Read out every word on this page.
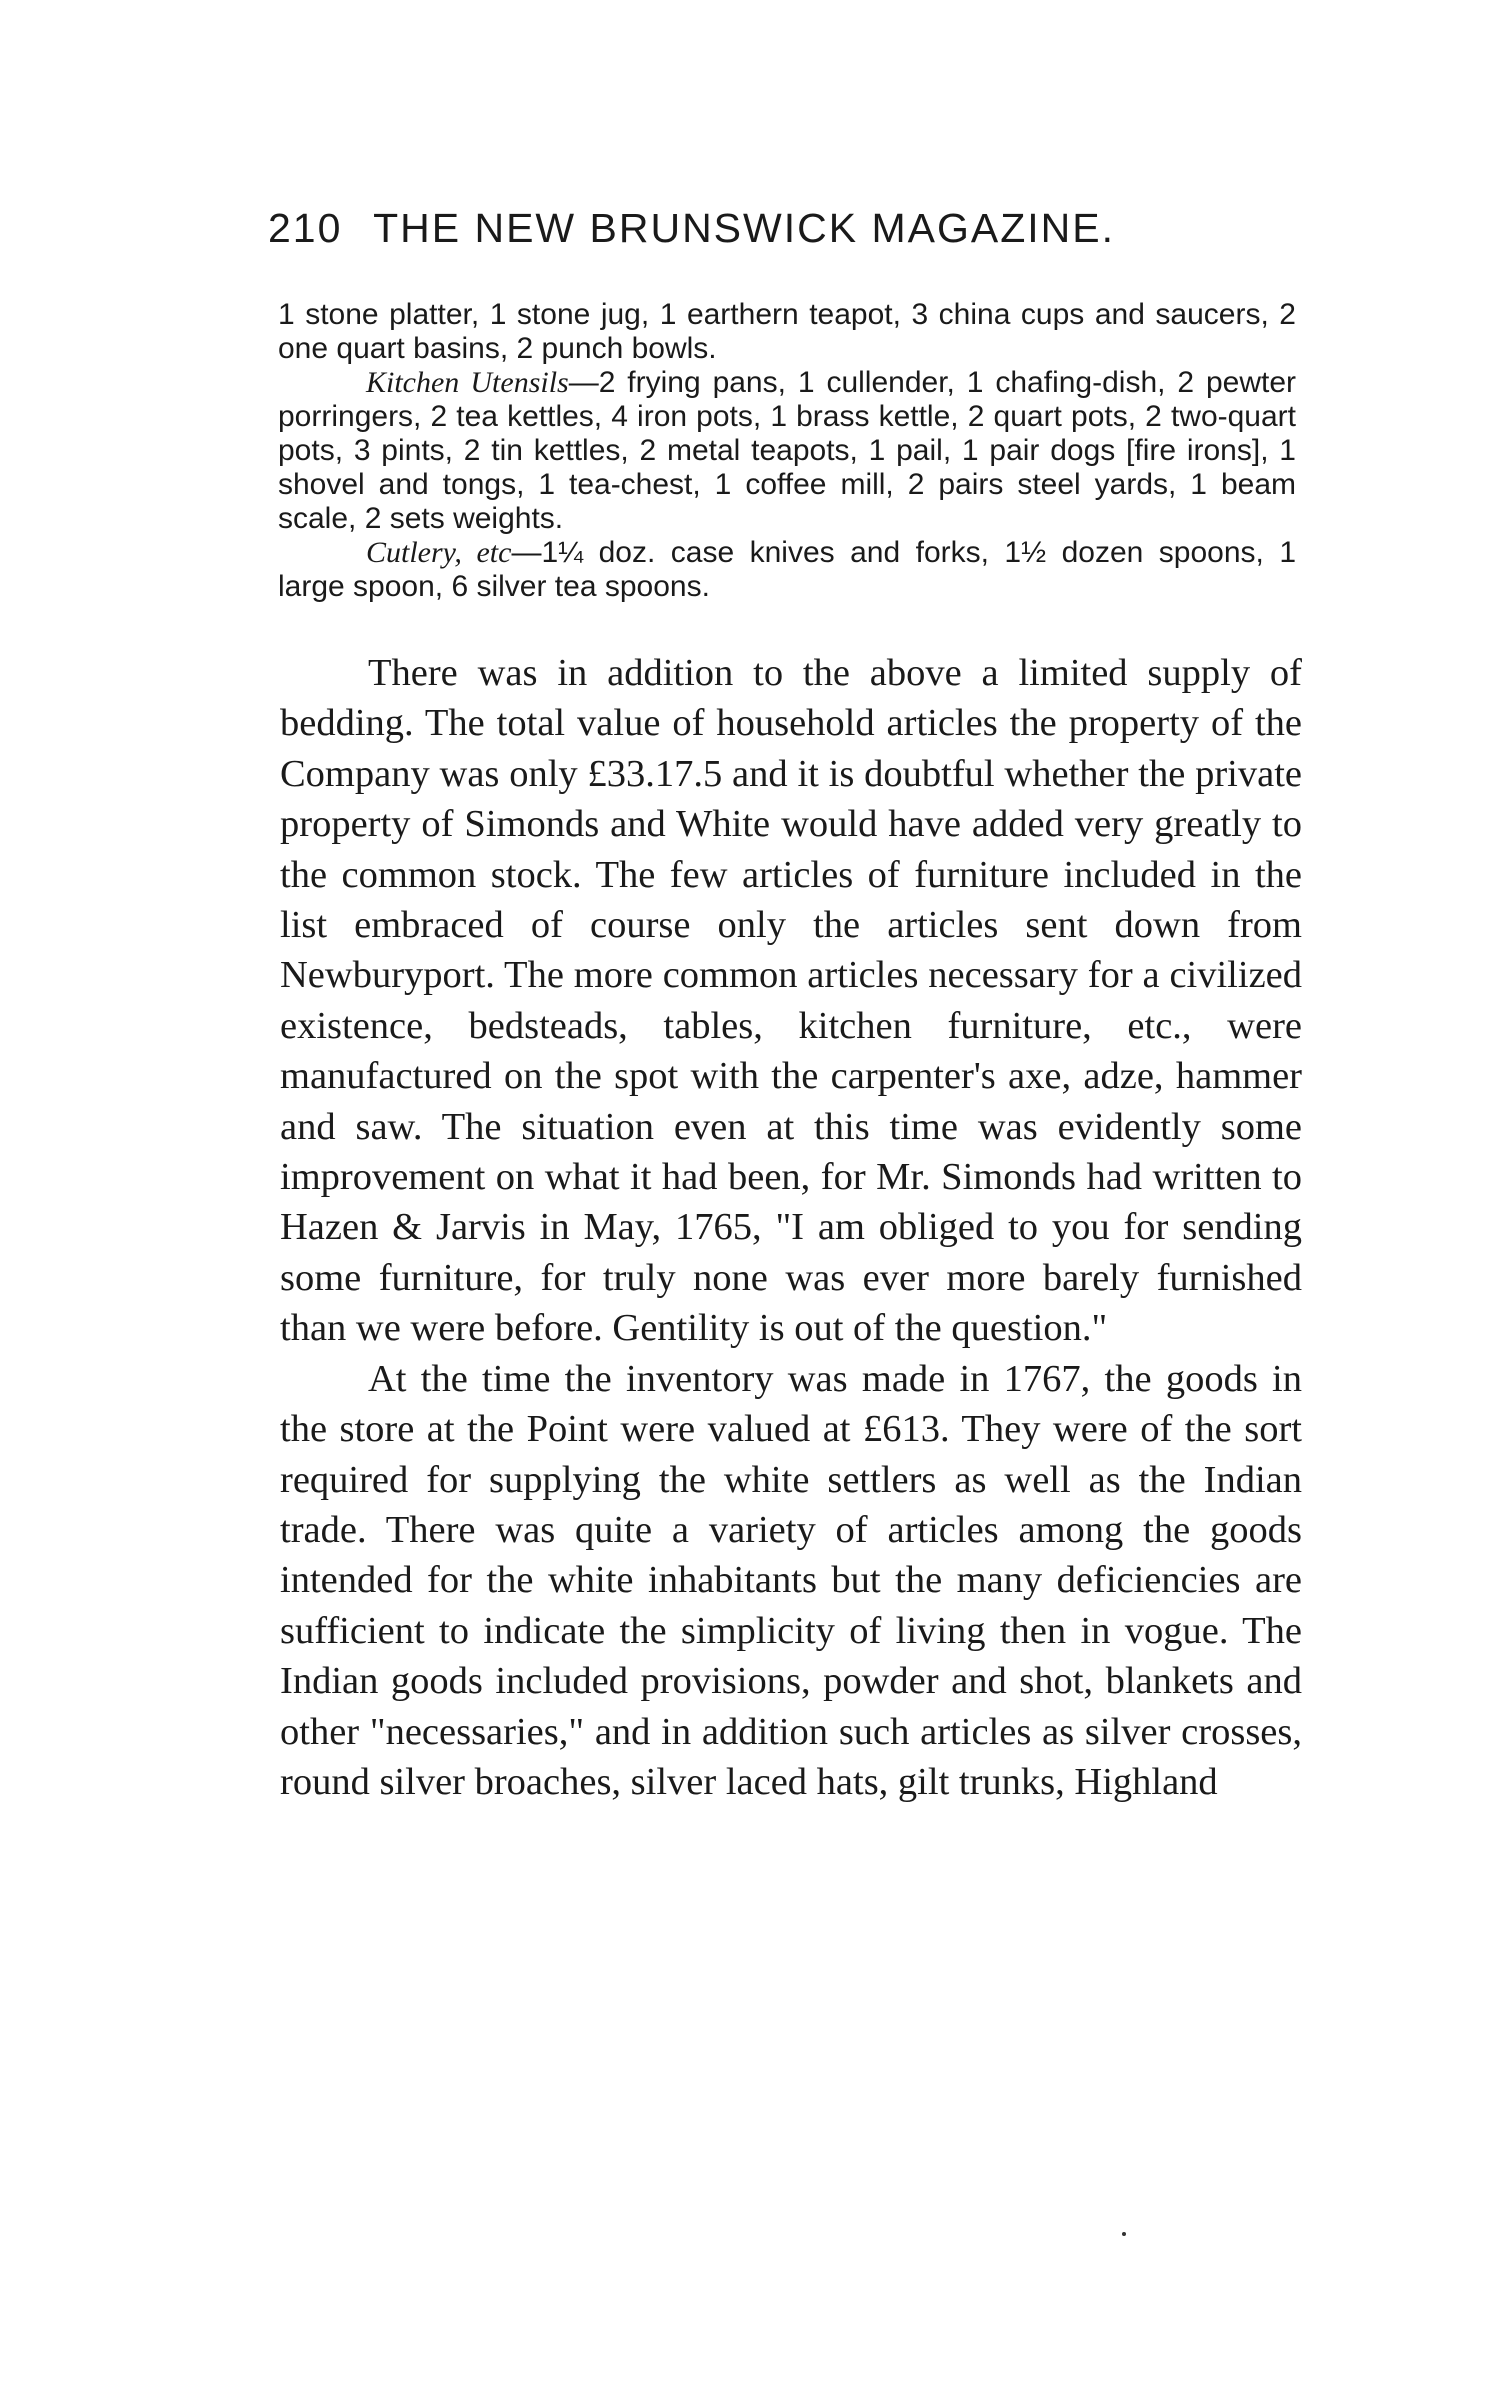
210 THE NEW BRUNSWICK MAGAZINE.

1 stone platter, 1 stone jug, 1 earthern teapot, 3 china cups and saucers, 2 one quart basins, 2 punch bowls.

Kitchen Utensils—2 frying pans, 1 cullender, 1 chafing-dish, 2 pewter porringers, 2 tea kettles, 4 iron pots, 1 brass kettle, 2 quart pots, 2 two-quart pots, 3 pints, 2 tin kettles, 2 metal teapots, 1 pail, 1 pair dogs [fire irons], 1 shovel and tongs, 1 tea-chest, 1 coffee mill, 2 pairs steel yards, 1 beam scale, 2 sets weights.

Cutlery, etc—1¼ doz. case knives and forks, 1½ dozen spoons, 1 large spoon, 6 silver tea spoons.

There was in addition to the above a limited supply of bedding. The total value of household articles the property of the Company was only £33.17.5 and it is doubtful whether the private property of Simonds and White would have added very greatly to the common stock. The few articles of furniture included in the list embraced of course only the articles sent down from Newburyport. The more common articles necessary for a civilized existence, bedsteads, tables, kitchen furniture, etc., were manufactured on the spot with the carpenter's axe, adze, hammer and saw. The situation even at this time was evidently some improvement on what it had been, for Mr. Simonds had written to Hazen & Jarvis in May, 1765, "I am obliged to you for sending some furniture, for truly none was ever more barely furnished than we were before. Gentility is out of the question."

At the time the inventory was made in 1767, the goods in the store at the Point were valued at £613. They were of the sort required for supplying the white settlers as well as the Indian trade. There was quite a variety of articles among the goods intended for the white inhabitants but the many deficiencies are sufficient to indicate the simplicity of living then in vogue. The Indian goods included provisions, powder and shot, blankets and other "necessaries," and in addition such articles as silver crosses, round silver broaches, silver laced hats, gilt trunks, Highland
